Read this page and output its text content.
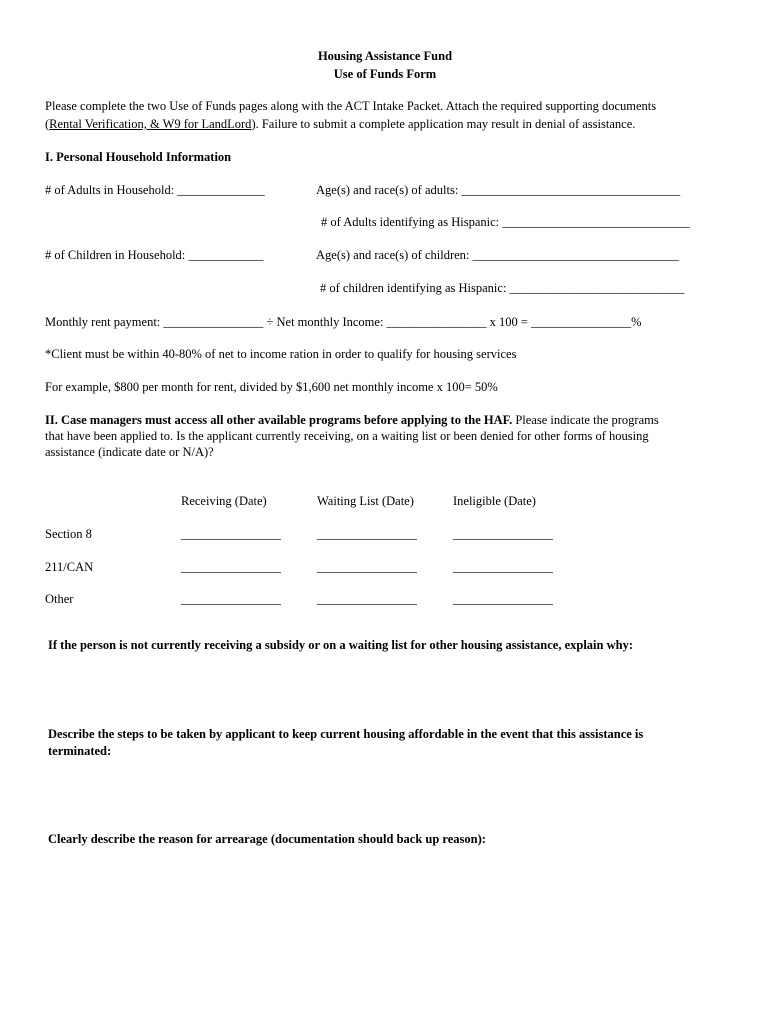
Housing Assistance Fund
Use of Funds Form
Please complete the two Use of Funds pages along with the ACT Intake Packet. Attach the required supporting documents
(Rental Verification, & W9 for LandLord). Failure to submit a complete application may result in denial of assistance.
I. Personal Household Information
# of Adults in Household: ______________	Age(s) and race(s) of adults: ___________________________________
# of Adults identifying as Hispanic: ______________________________
# of Children in Household: ____________	Age(s) and race(s) of children: _________________________________
# of children identifying as Hispanic: ____________________________
Monthly rent payment: ________________ ÷ Net monthly Income: ________________ x 100 = ________________%
*Client must be within 40-80% of net to income ration in order to qualify for housing services
For example, $800 per month for rent, divided by $1,600 net monthly income x 100= 50%
II. Case managers must access all other available programs before applying to the HAF. Please indicate the programs
that have been applied to. Is the applicant currently receiving, on a waiting list or been denied for other forms of housing
assistance (indicate date or N/A)?
Receiving (Date)	Waiting List (Date)	Ineligible (Date)
Section 8	________________	________________	________________
211/CAN	________________	________________	________________
Other	________________	________________	________________
If the person is not currently receiving a subsidy or on a waiting list for other housing assistance, explain why:
Describe the steps to be taken by applicant to keep current housing affordable in the event that this assistance is
terminated:
Clearly describe the reason for arrearage (documentation should back up reason):
